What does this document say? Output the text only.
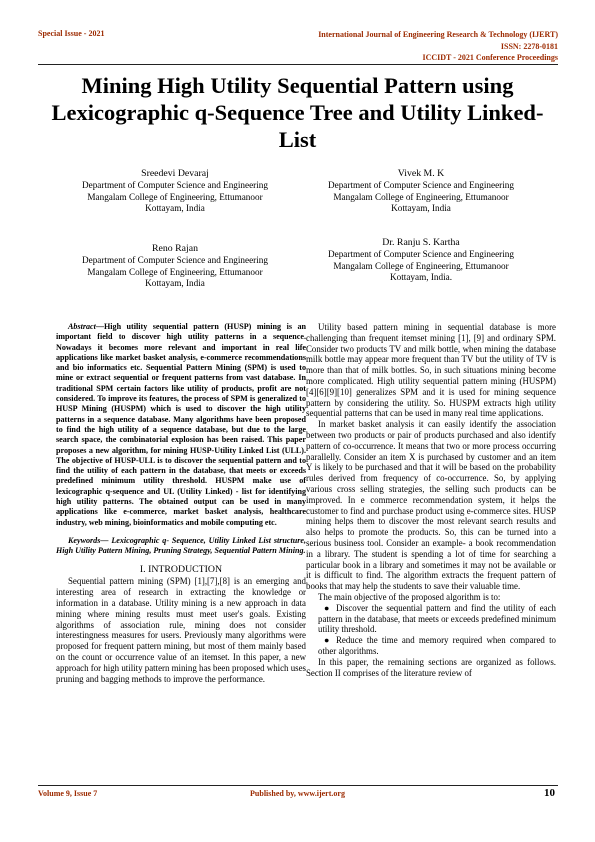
Special Issue - 2021	International Journal of Engineering Research & Technology (IJERT)
ISSN: 2278-0181
ICCIDT - 2021 Conference Proceedings
Mining High Utility Sequential Pattern using Lexicographic q-Sequence Tree and Utility Linked-List
Sreedevi Devaraj
Department of Computer Science and Engineering
Mangalam College of Engineering, Ettumanoor
Kottayam, India
Vivek M. K
Department of Computer Science and Engineering
Mangalam College of Engineering, Ettumanoor
Kottayam, India
Reno Rajan
Department of Computer Science and Engineering
Mangalam College of Engineering, Ettumanoor
Kottayam, India
Dr. Ranju S. Kartha
Department of Computer Science and Engineering
Mangalam College of Engineering, Ettumanoor
Kottayam, India.

Abstract—High utility sequential pattern (HUSP) mining is an important field to discover high utility patterns in a sequence. Nowadays it becomes more relevant and important in real life applications like market basket analysis, e-commerce recommendations and bio informatics etc. Sequential Pattern Mining (SPM) is used to mine or extract sequential or frequent patterns from vast database. In traditional SPM certain factors like utility of products, profit are not considered. To improve its features, the process of SPM is generalized to HUSP Mining (HUSPM) which is used to discover the high utility patterns in a sequence database. Many algorithms have been proposed to find the high utility of a sequence database, but due to the large search space, the combinatorial explosion has been raised. This paper proposes a new algorithm, for mining HUSP-Utility Linked List (ULL). The objective of HUSP-ULL is to discover the sequential pattern and to find the utility of each pattern in the database, that meets or exceeds predefined minimum utility threshold. HUSPM make use of lexicographic q-sequence and UL (Utility Linked) - list for identifying high utility patterns. The obtained output can be used in many applications like e-commerce, market basket analysis, healthcare industry, web mining, bioinformatics and mobile computing etc.

Keywords— Lexicographic q- Sequence, Utility Linked List structure, High Utility Pattern Mining, Pruning Strategy, Sequential Pattern Mining.

I. INTRODUCTION

Sequential pattern mining (SPM) [1],[7],[8] is an emerging and interesting area of research in extracting the knowledge or information in a database. Utility mining is a new approach in data mining where mining results must meet user's goals. Existing algorithms of association rule, mining does not consider interestingness measures for users. Previously many algorithms were proposed for frequent pattern mining, but most of them mainly based on the count or occurrence value of an itemset. In this paper, a new approach for high utility pattern mining has been proposed which uses pruning and bagging methods to improve the performance.

Utility based pattern mining in sequential database is more challenging than frequent itemset mining [1], [9] and ordinary SPM. Consider two products TV and milk bottle, when mining the database milk bottle may appear more frequent than TV but the utility of TV is more than that of milk bottles. So, in such situations mining become more complicated. High utility sequential pattern mining (HUSPM) [4][6][9][10] generalizes SPM and it is used for mining sequence pattern by considering the utility. So. HUSPM extracts high utility sequential patterns that can be used in many real time applications.

In market basket analysis it can easily identify the association between two products or pair of products purchased and also identify pattern of co-occurrence. It means that two or more process occurring parallelly. Consider an item X is purchased by customer and an item Y is likely to be purchased and that it will be based on the probability rules derived from frequency of co-occurrence. So, by applying various cross selling strategies, the selling such products can be improved. In e commerce recommendation system, it helps the customer to find and purchase product using e-commerce sites. HUSP mining helps them to discover the most relevant search results and also helps to promote the products. So, this can be turned into a serious business tool. Consider an example- a book recommendation in a library. The student is spending a lot of time for searching a particular book in a library and sometimes it may not be available or it is difficult to find. The algorithm extracts the frequent pattern of books that may help the students to save their valuable time.

The main objective of the proposed algorithm is to:

● Discover the sequential pattern and find the utility of each pattern in the database, that meets or exceeds predefined minimum utility threshold.

● Reduce the time and memory required when compared to other algorithms.

In this paper, the remaining sections are organized as follows. Section II comprises of the literature review of

Volume 9, Issue 7	Published by, www.ijert.org	10
